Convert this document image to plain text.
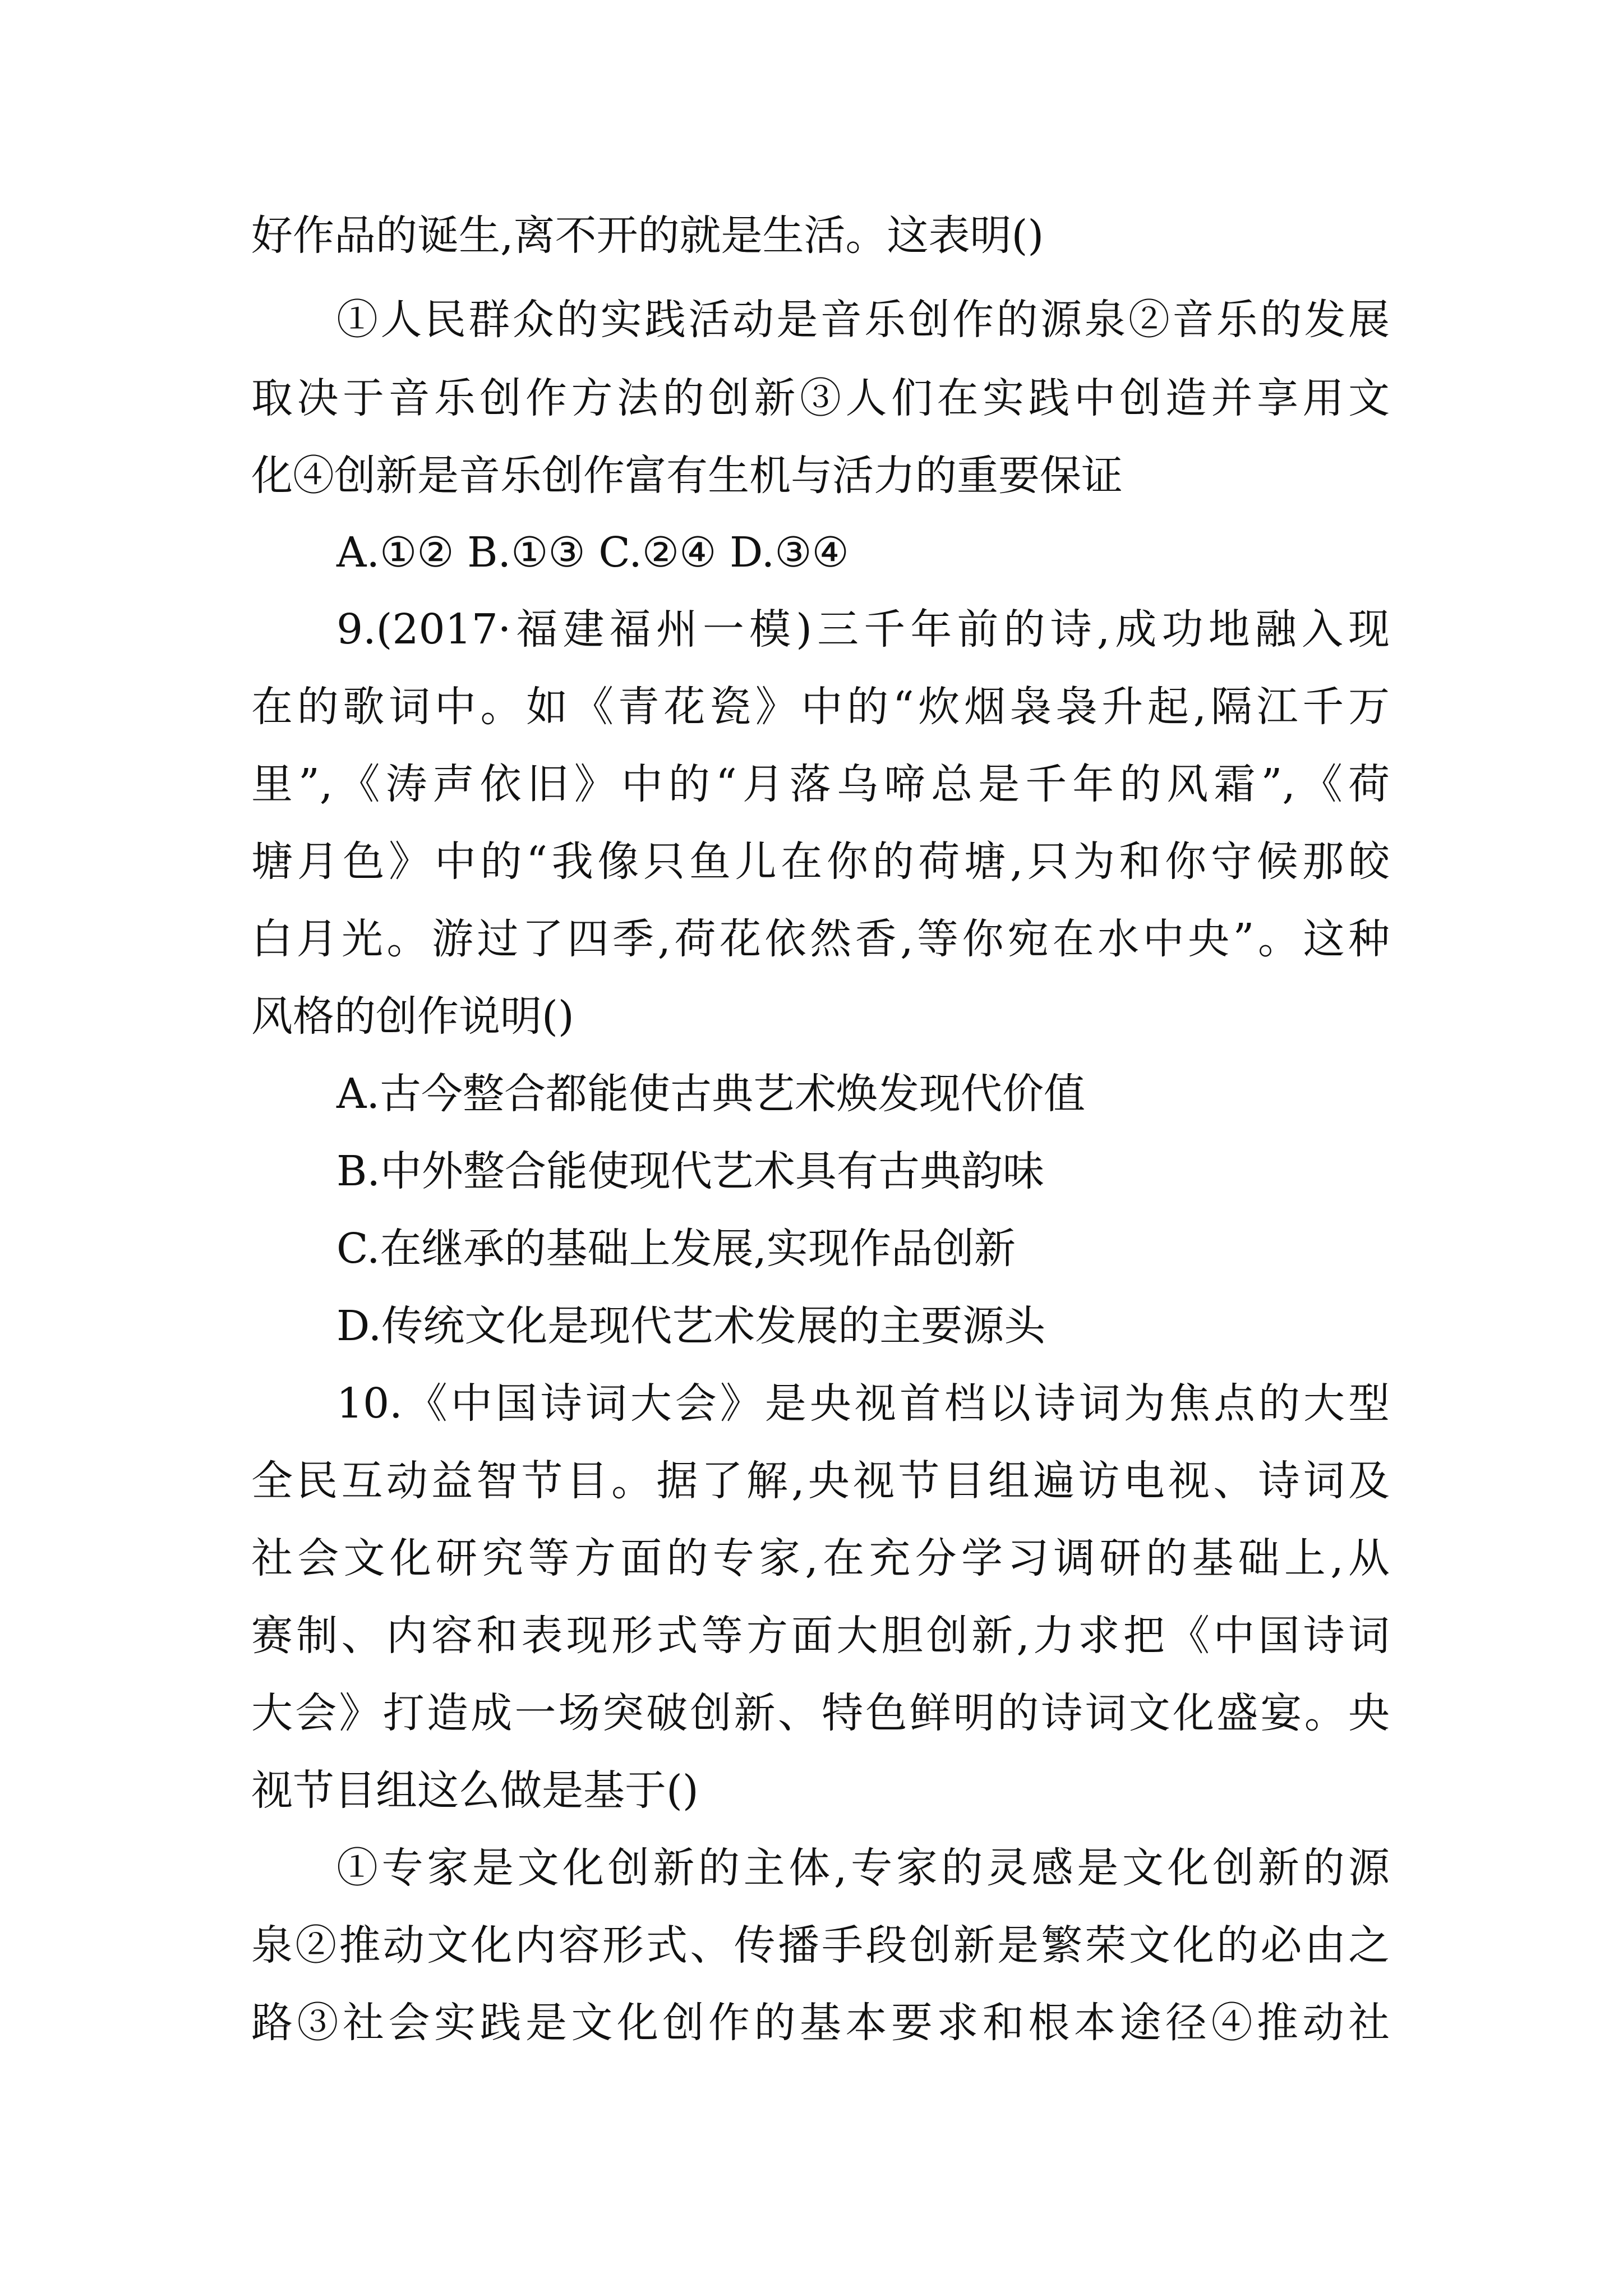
好作品的诞生,离不开的就是生活。这表明()
①人民群众的实践活动是音乐创作的源泉②音乐的发展
取决于音乐创作方法的创新③人们在实践中创造并享用文
化④创新是音乐创作富有生机与活力的重要保证
A.①② B.①③ C.②④ D.③④
9.(2017·福建福州一模)三千年前的诗,成功地融入现
在的歌词中。如《青花瓷》中的“炊烟袅袅升起,隔江千万
里”,《涛声依旧》中的“月落乌啼总是千年的风霜”,《荷
塘月色》中的“我像只鱼儿在你的荷塘,只为和你守候那皎
白月光。游过了四季,荷花依然香,等你宛在水中央”。这种
风格的创作说明()
A.古今整合都能使古典艺术焕发现代价值
B.中外整合能使现代艺术具有古典韵味
C.在继承的基础上发展,实现作品创新
D.传统文化是现代艺术发展的主要源头
10.《中国诗词大会》是央视首档以诗词为焦点的大型
全民互动益智节目。据了解,央视节目组遍访电视、诗词及
社会文化研究等方面的专家,在充分学习调研的基础上,从
赛制、内容和表现形式等方面大胆创新,力求把《中国诗词
大会》打造成一场突破创新、特色鲜明的诗词文化盛宴。央
视节目组这么做是基于()
①专家是文化创新的主体,专家的灵感是文化创新的源
泉②推动文化内容形式、传播手段创新是繁荣文化的必由之
路③社会实践是文化创作的基本要求和根本途径④推动社
